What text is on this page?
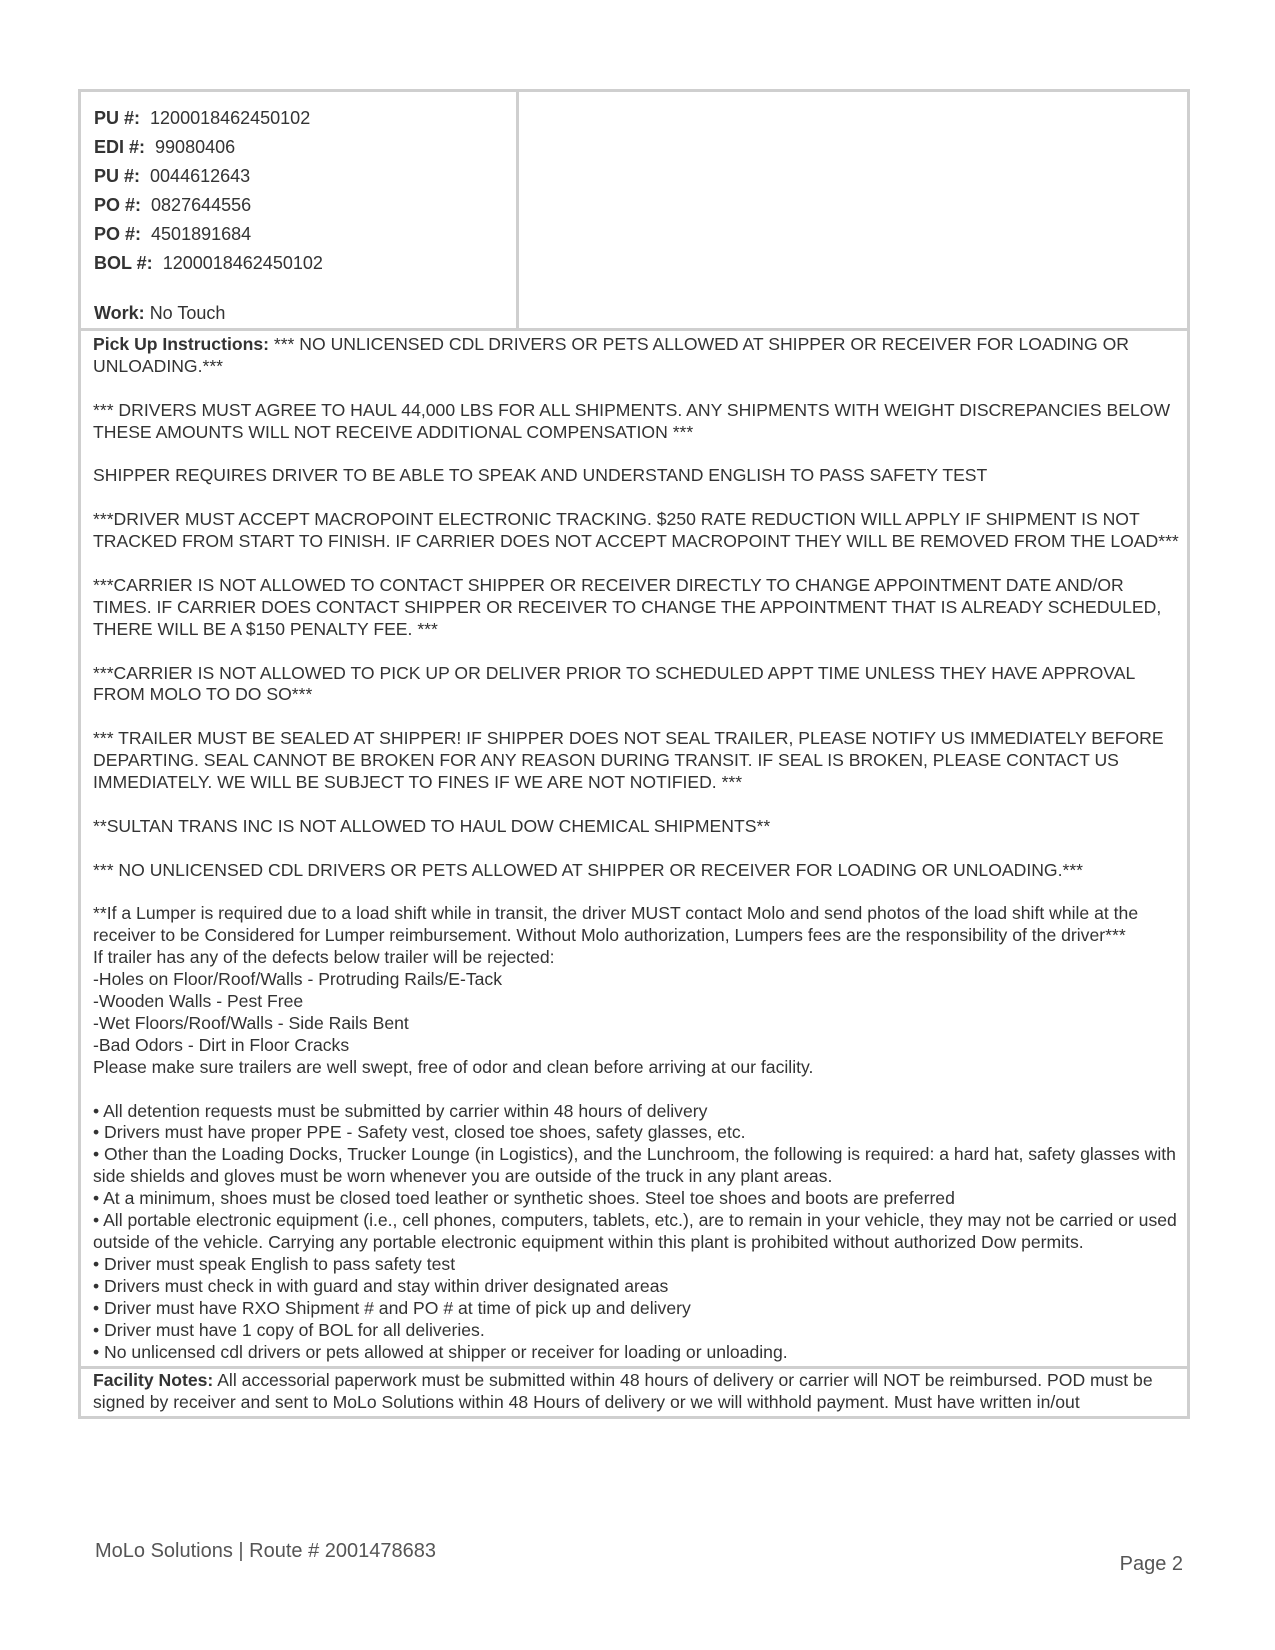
PU #: 1200018462450102
EDI #: 99080406
PU #: 0044612643
PO #: 0827644556
PO #: 4501891684
BOL #: 1200018462450102
Work: No Touch

Pick Up Instructions: *** NO UNLICENSED CDL DRIVERS OR PETS ALLOWED AT SHIPPER OR RECEIVER FOR LOADING OR UNLOADING.***

*** DRIVERS MUST AGREE TO HAUL 44,000 LBS FOR ALL SHIPMENTS. ANY SHIPMENTS WITH WEIGHT DISCREPANCIES BELOW THESE AMOUNTS WILL NOT RECEIVE ADDITIONAL COMPENSATION ***

SHIPPER REQUIRES DRIVER TO BE ABLE TO SPEAK AND UNDERSTAND ENGLISH TO PASS SAFETY TEST

***DRIVER MUST ACCEPT MACROPOINT ELECTRONIC TRACKING. $250 RATE REDUCTION WILL APPLY IF SHIPMENT IS NOT TRACKED FROM START TO FINISH. IF CARRIER DOES NOT ACCEPT MACROPOINT THEY WILL BE REMOVED FROM THE LOAD***

***CARRIER IS NOT ALLOWED TO CONTACT SHIPPER OR RECEIVER DIRECTLY TO CHANGE APPOINTMENT DATE AND/OR TIMES. IF CARRIER DOES CONTACT SHIPPER OR RECEIVER TO CHANGE THE APPOINTMENT THAT IS ALREADY SCHEDULED, THERE WILL BE A $150 PENALTY FEE. ***

***CARRIER IS NOT ALLOWED TO PICK UP OR DELIVER PRIOR TO SCHEDULED APPT TIME UNLESS THEY HAVE APPROVAL FROM MOLO TO DO SO***

*** TRAILER MUST BE SEALED AT SHIPPER! IF SHIPPER DOES NOT SEAL TRAILER, PLEASE NOTIFY US IMMEDIATELY BEFORE DEPARTING. SEAL CANNOT BE BROKEN FOR ANY REASON DURING TRANSIT. IF SEAL IS BROKEN, PLEASE CONTACT US IMMEDIATELY. WE WILL BE SUBJECT TO FINES IF WE ARE NOT NOTIFIED. ***

**SULTAN TRANS INC IS NOT ALLOWED TO HAUL DOW CHEMICAL SHIPMENTS**

*** NO UNLICENSED CDL DRIVERS OR PETS ALLOWED AT SHIPPER OR RECEIVER FOR LOADING OR UNLOADING.***

**If a Lumper is required due to a load shift while in transit, the driver MUST contact Molo and send photos of the load shift while at the receiver to be Considered for Lumper reimbursement. Without Molo authorization, Lumpers fees are the responsibility of the driver***

If trailer has any of the defects below trailer will be rejected:
-Holes on Floor/Roof/Walls - Protruding Rails/E-Tack
-Wooden Walls - Pest Free
-Wet Floors/Roof/Walls - Side Rails Bent
-Bad Odors - Dirt in Floor Cracks

Please make sure trailers are well swept, free of odor and clean before arriving at our facility.

• All detention requests must be submitted by carrier within 48 hours of delivery
• Drivers must have proper PPE - Safety vest, closed toe shoes, safety glasses, etc.
• Other than the Loading Docks, Trucker Lounge (in Logistics), and the Lunchroom, the following is required: a hard hat, safety glasses with side shields and gloves must be worn whenever you are outside of the truck in any plant areas.
• At a minimum, shoes must be closed toed leather or synthetic shoes. Steel toe shoes and boots are preferred
• All portable electronic equipment (i.e., cell phones, computers, tablets, etc.), are to remain in your vehicle, they may not be carried or used outside of the vehicle. Carrying any portable electronic equipment within this plant is prohibited without authorized Dow permits.
• Driver must speak English to pass safety test
• Drivers must check in with guard and stay within driver designated areas
• Driver must have RXO Shipment # and PO # at time of pick up and delivery
• Driver must have 1 copy of BOL for all deliveries.
• No unlicensed cdl drivers or pets allowed at shipper or receiver for loading or unloading.
Facility Notes: All accessorial paperwork must be submitted within 48 hours of delivery or carrier will NOT be reimbursed. POD must be signed by receiver and sent to MoLo Solutions within 48 Hours of delivery or we will withhold payment. Must have written in/out
MoLo Solutions | Route # 2001478683
Page 2
